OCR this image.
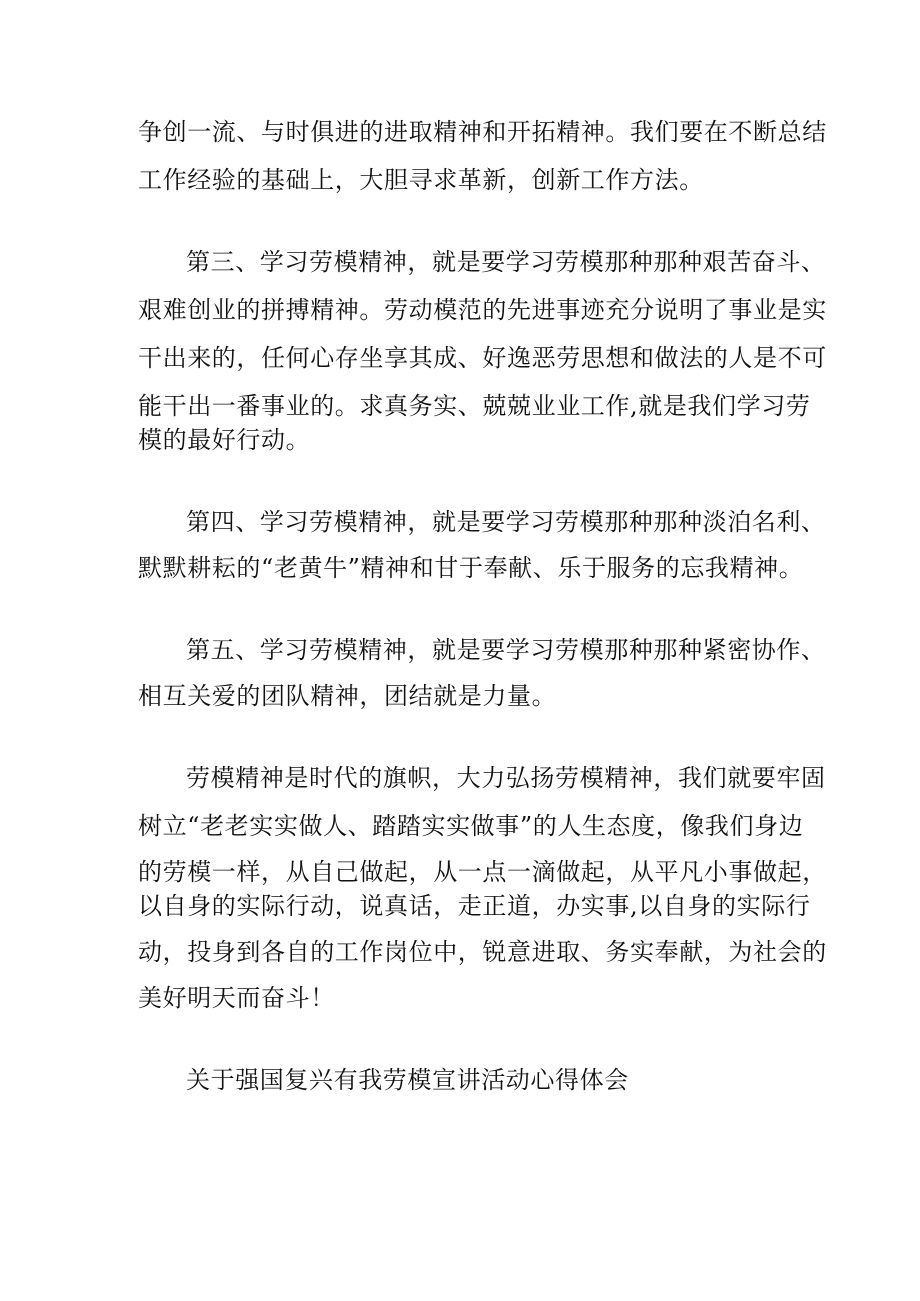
争创一流、与时俱进的进取精神和开拓精神。我们要在不断总结
工作经验的基础上，大胆寻求革新，创新工作方法。
第三、学习劳模精神，就是要学习劳模那种那种艰苦奋斗、
艰难创业的拼搏精神。劳动模范的先进事迹充分说明了事业是实
干出来的，任何心存坐享其成、好逸恶劳思想和做法的人是不可
能干出一番事业的。求真务实、兢兢业业工作,就是我们学习劳
模的最好行动。
第四、学习劳模精神，就是要学习劳模那种那种淡泊名利、
默默耕耘的“老黄牛”精神和甘于奉献、乐于服务的忘我精神。
第五、学习劳模精神，就是要学习劳模那种那种紧密协作、
相互关爱的团队精神，团结就是力量。
劳模精神是时代的旗帜，大力弘扬劳模精神，我们就要牢固
树立“老老实实做人、踏踏实实做事”的人生态度，像我们身边
的劳模一样，从自己做起，从一点一滴做起，从平凡小事做起，
以自身的实际行动，说真话，走正道，办实事,以自身的实际行
动，投身到各自的工作岗位中，锐意进取、务实奉献，为社会的
美好明天而奋斗！
关于强国复兴有我劳模宣讲活动心得体会
